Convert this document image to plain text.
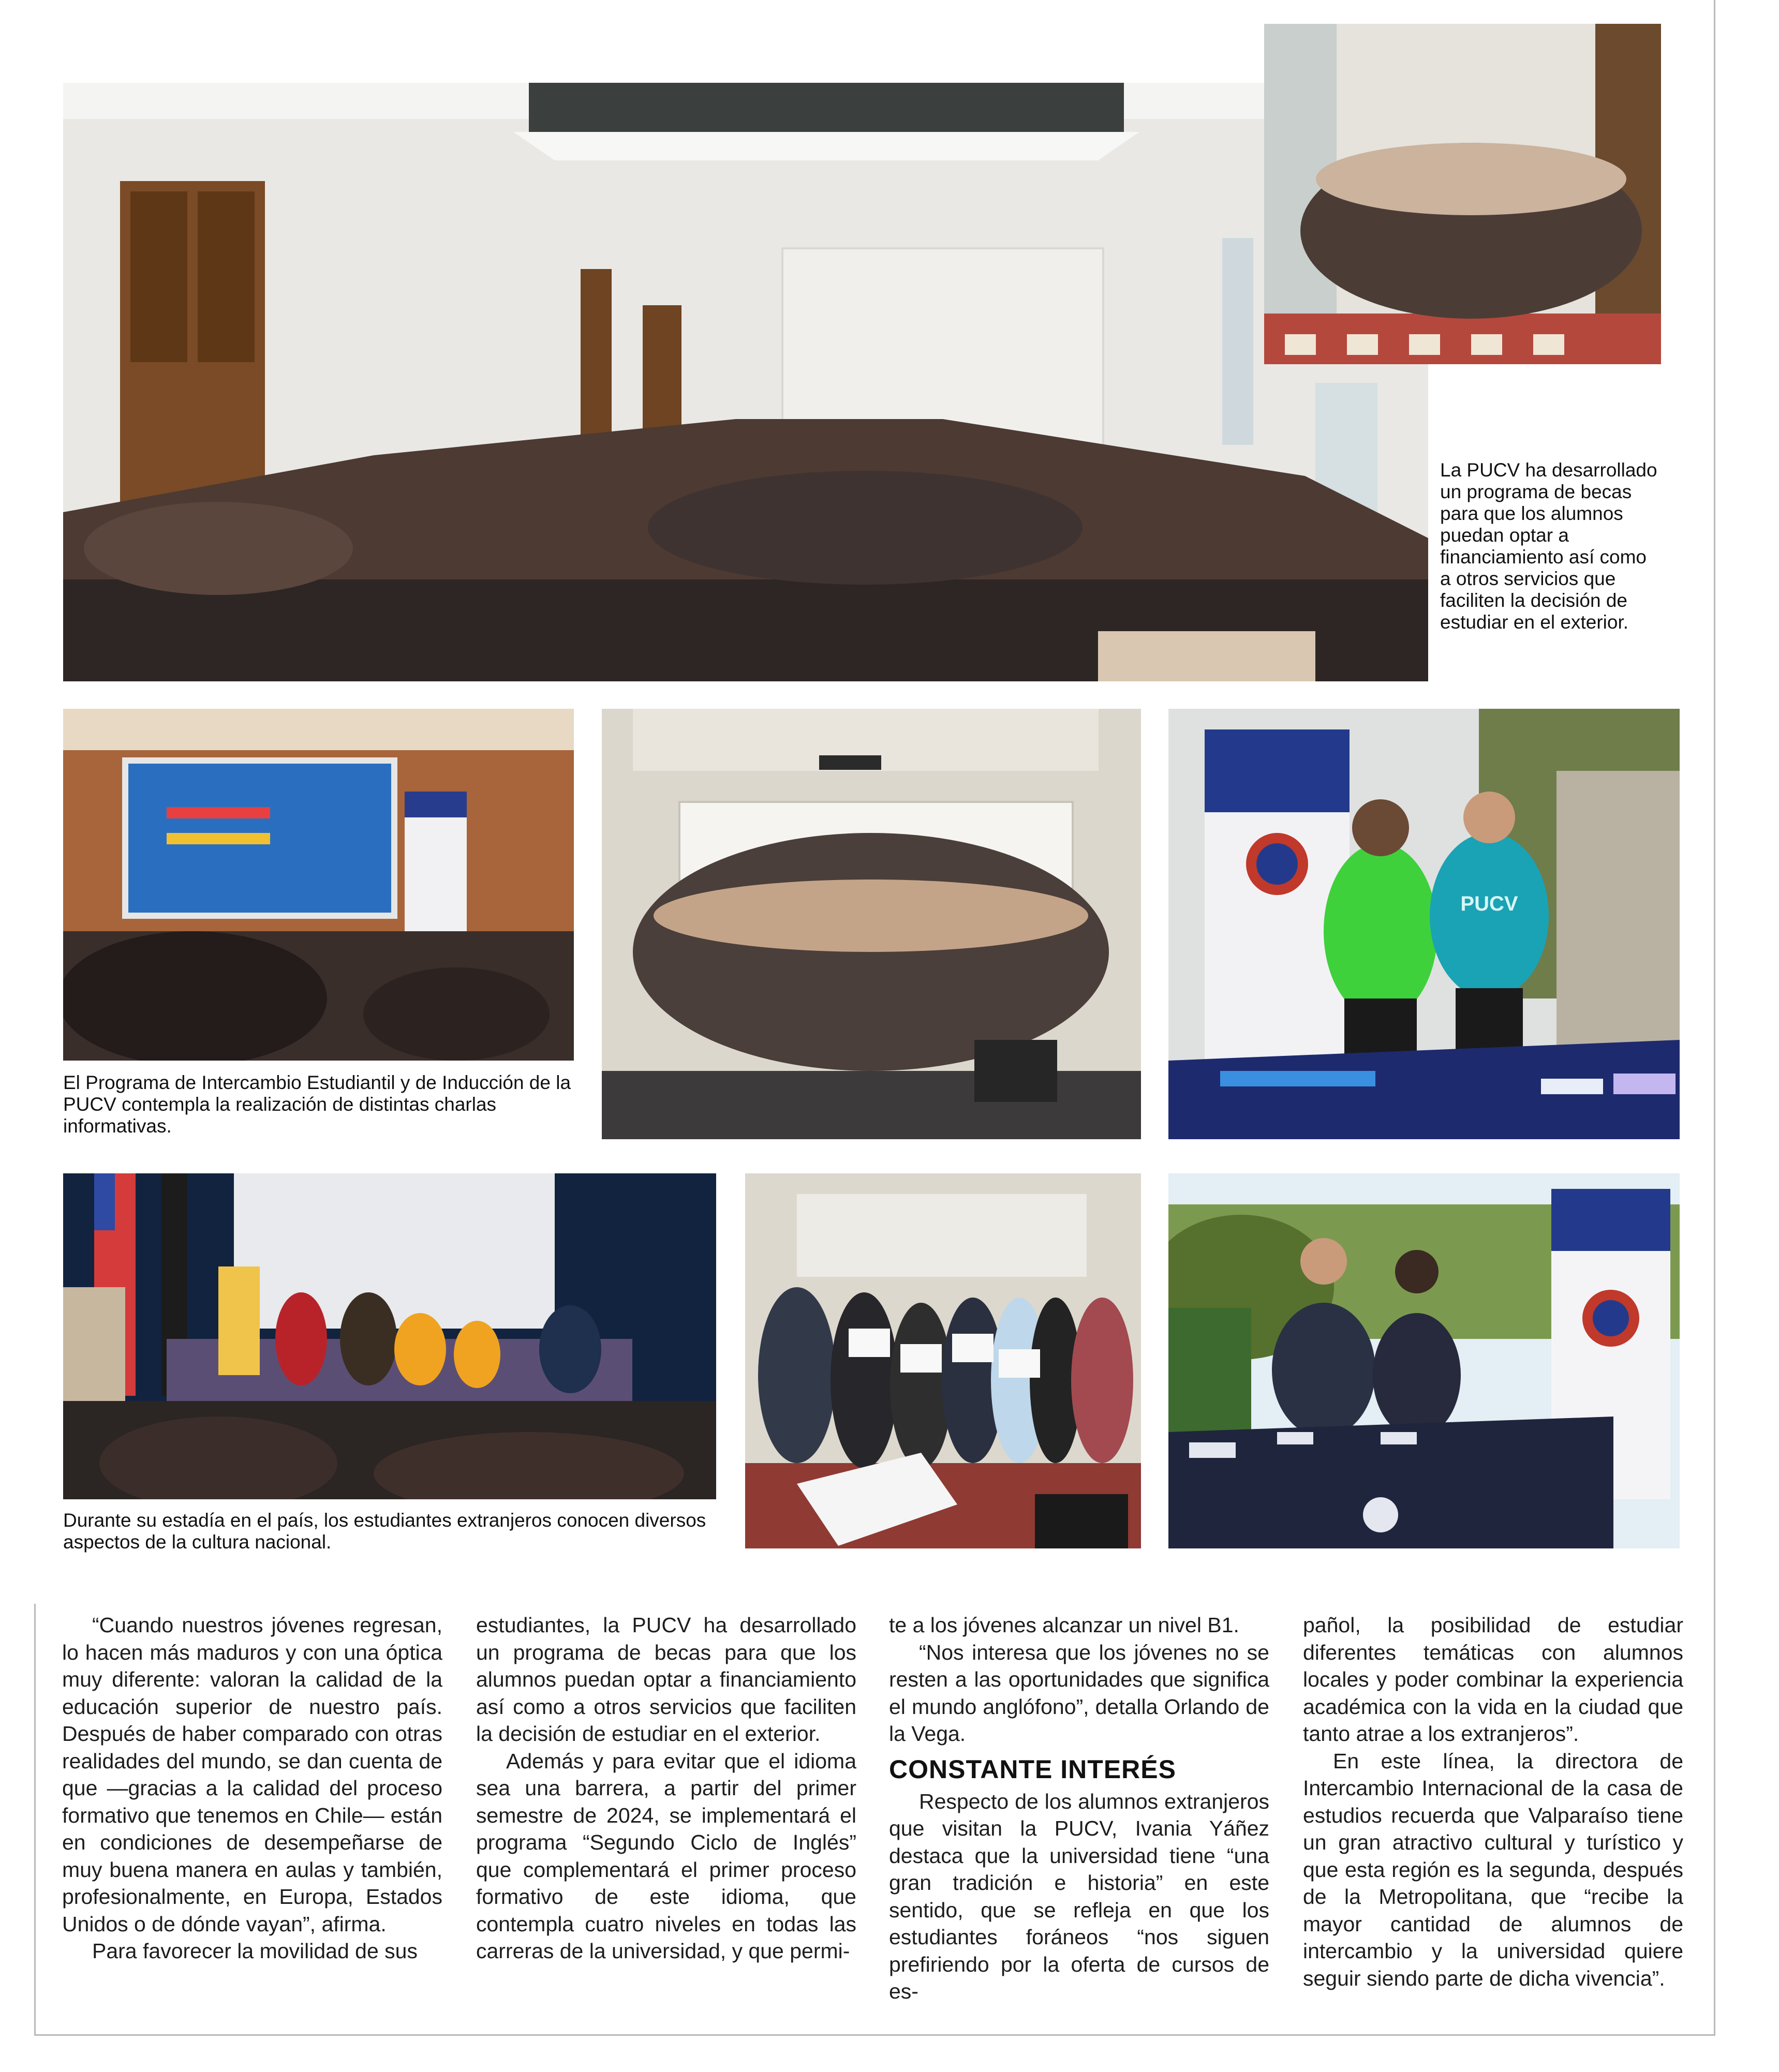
La PUCV ha desarrollado un programa de becas para que los alumnos puedan optar a financiamiento así como a otros servicios que faciliten la decisión de estudiar en el exterior.
El Programa de Intercambio Estudiantil y de Inducción de la PUCV contempla la realización de distintas charlas informativas.
PUCV
Durante su estadía en el país, los estudiantes extranjeros conocen diversos aspectos de la cultura nacional.

“Cuando nuestros jóvenes regresan, lo hacen más maduros y con una óptica muy diferente: valoran la calidad de la educación superior de nuestro país. Después de haber comparado con otras realidades del mundo, se dan cuenta de que —gracias a la calidad del proceso formativo que tenemos en Chile— están en condiciones de desempeñarse de muy buena manera en aulas y también, profesionalmente, en Europa, Estados Unidos o de dónde vayan”, afirma.

Para favorecer la movilidad de sus

estudiantes, la PUCV ha desarrollado un programa de becas para que los alumnos puedan optar a financiamiento así como a otros servicios que faciliten la decisión de estudiar en el exterior.

Además y para evitar que el idioma sea una barrera, a partir del primer semestre de 2024, se implementará el programa “Segundo Ciclo de Inglés” que complementará el primer proceso formativo de este idioma, que contempla cuatro niveles en todas las carreras de la universidad, y que permi-

te a los jóvenes alcanzar un nivel B1.

“Nos interesa que los jóvenes no se resten a las oportunidades que significa el mundo anglófono”, detalla Orlando de la Vega.

CONSTANTE INTERÉS

Respecto de los alumnos extranjeros que visitan la PUCV, Ivania Yáñez destaca que la universidad tiene “una gran tradición e historia” en este sentido, que se refleja en que los estudiantes foráneos “nos siguen prefiriendo por la oferta de cursos de es-

pañol, la posibilidad de estudiar diferentes temáticas con alumnos locales y poder combinar la experiencia académica con la vida en la ciudad que tanto atrae a los extranjeros”.

En este línea, la directora de Intercambio Internacional de la casa de estudios recuerda que Valparaíso tiene un gran atractivo cultural y turístico y que esta región es la segunda, después de la Metropolitana, que “recibe la mayor cantidad de alumnos de intercambio y la universidad quiere seguir siendo parte de dicha vivencia”.
